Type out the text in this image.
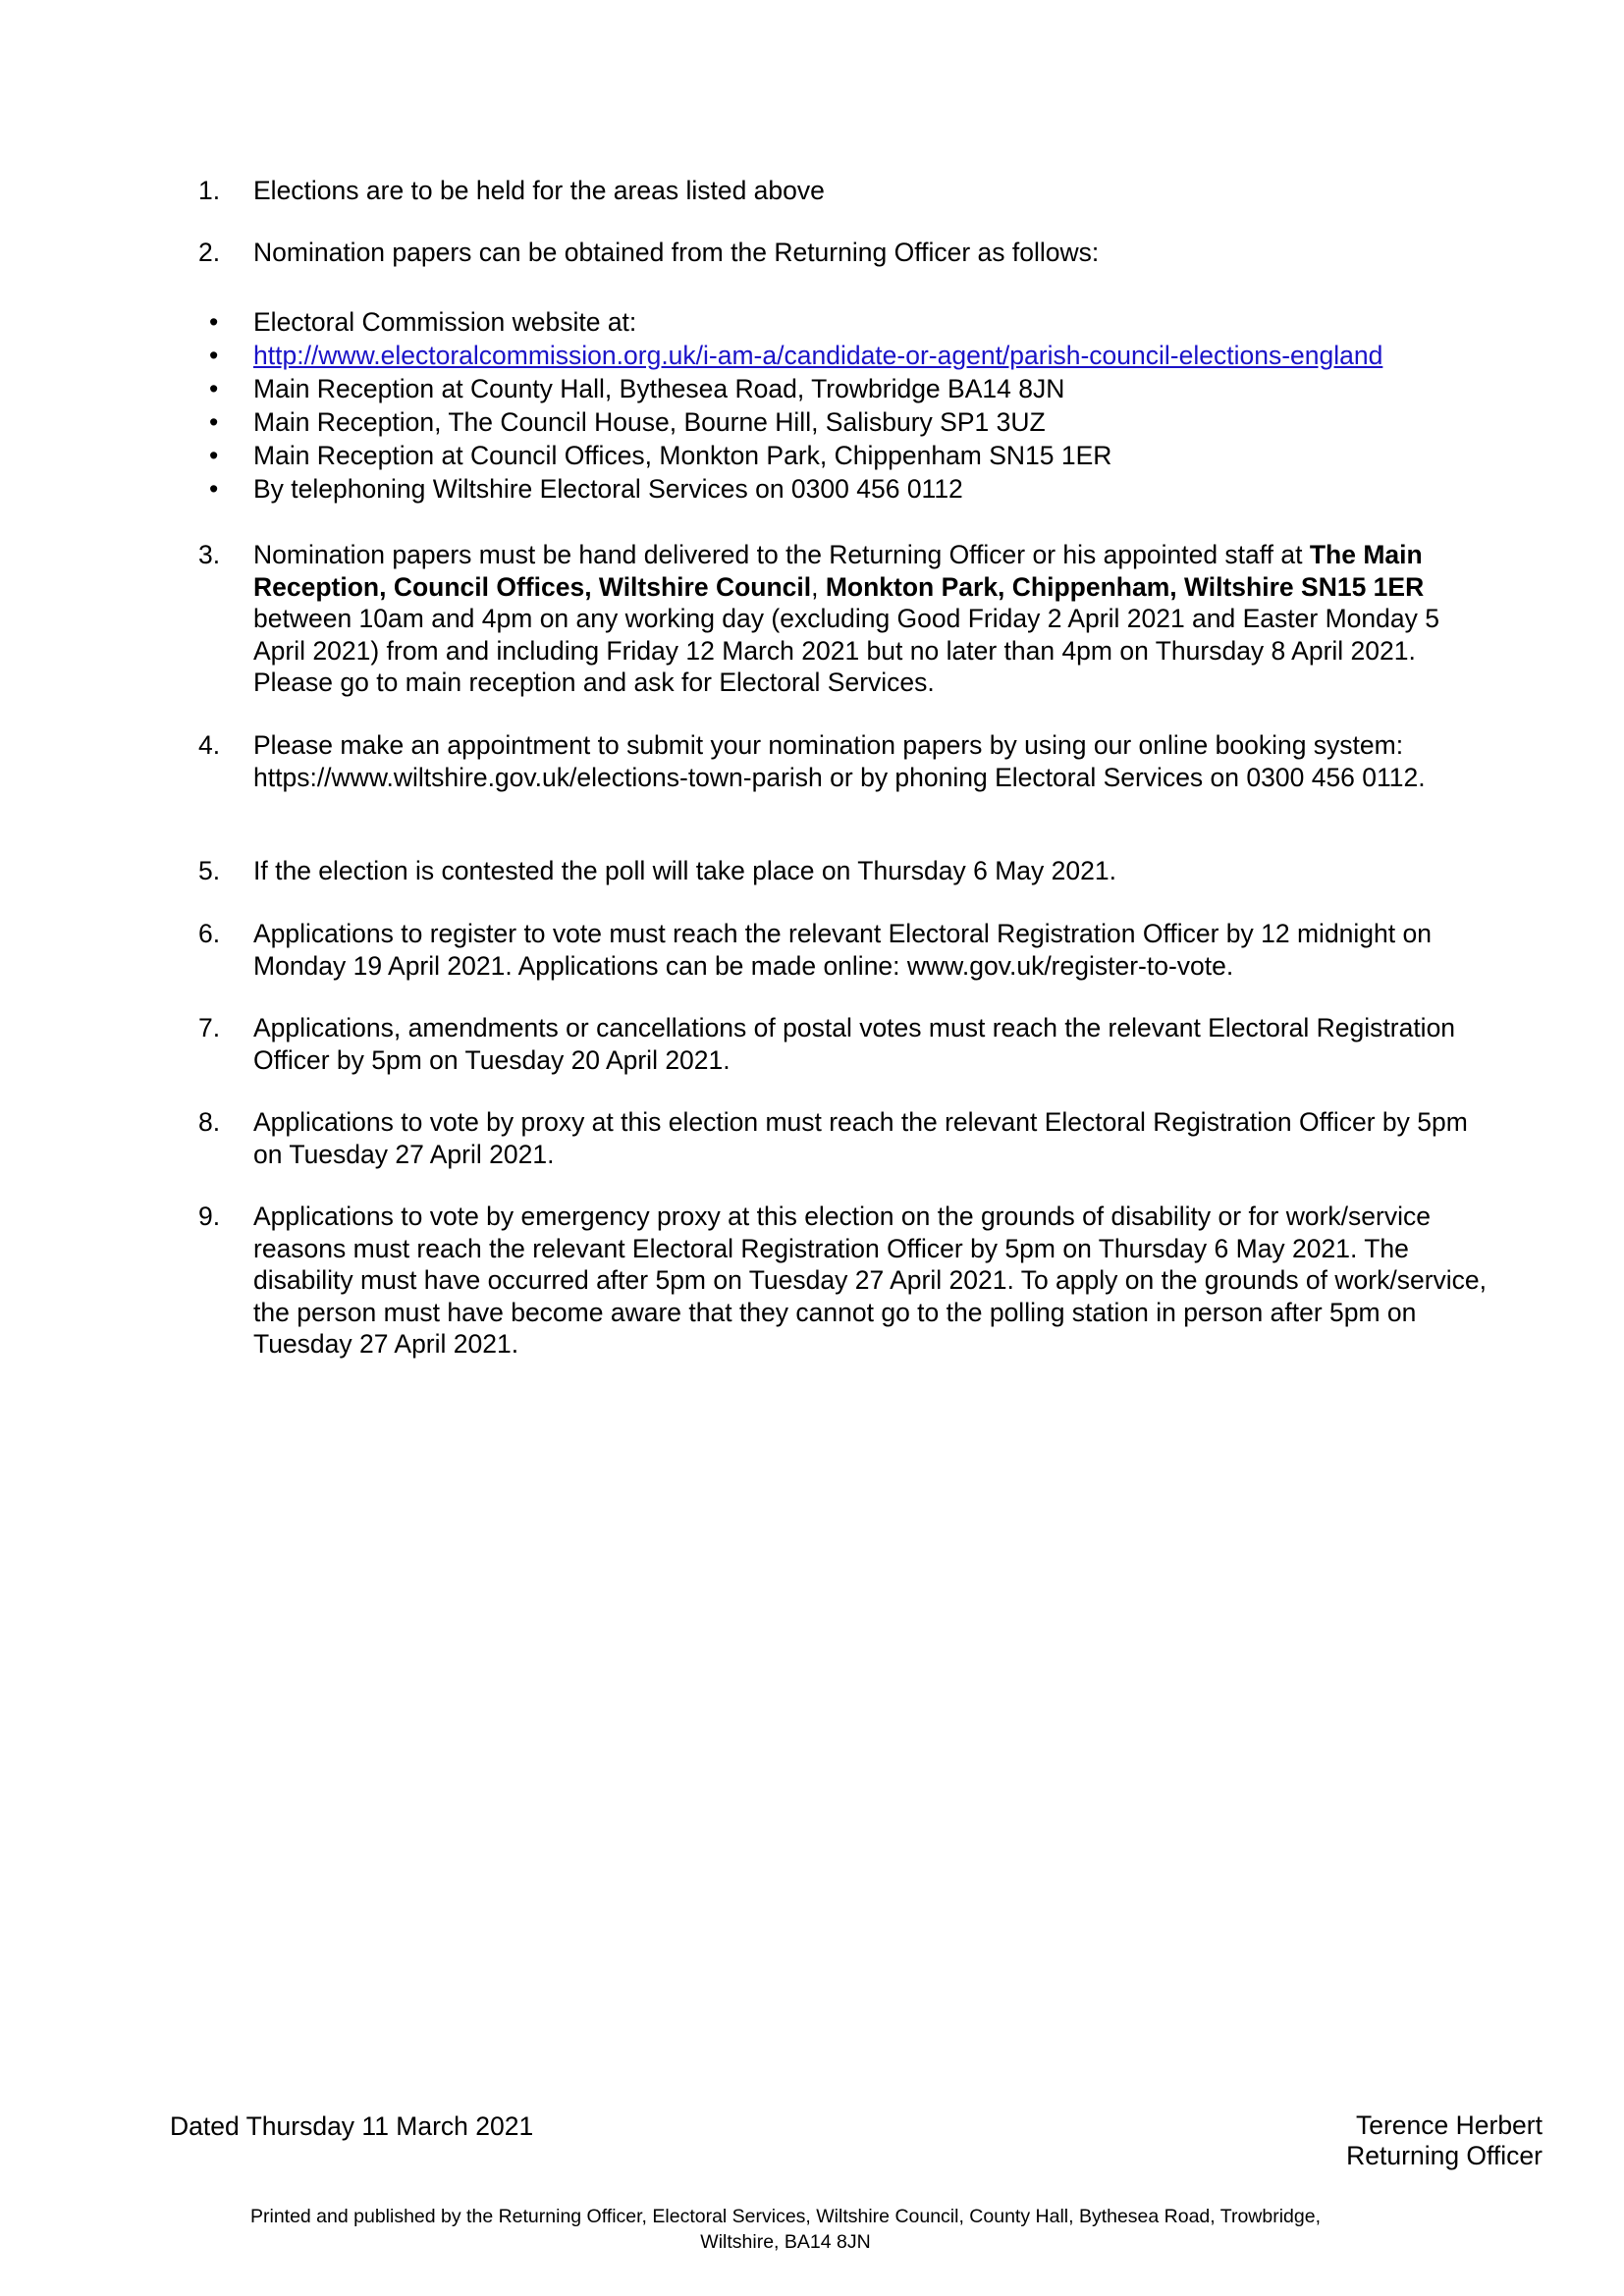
1. Elections are to be held for the areas listed above
2. Nomination papers can be obtained from the Returning Officer as follows:
• Electoral Commission website at:
• http://www.electoralcommission.org.uk/i-am-a/candidate-or-agent/parish-council-elections-england
• Main Reception at County Hall, Bythesea Road, Trowbridge BA14 8JN
• Main Reception, The Council House, Bourne Hill, Salisbury SP1 3UZ
• Main Reception at Council Offices, Monkton Park, Chippenham SN15 1ER
• By telephoning Wiltshire Electoral Services on 0300 456 0112
3. Nomination papers must be hand delivered to the Returning Officer or his appointed staff at The Main Reception, Council Offices, Wiltshire Council, Monkton Park, Chippenham, Wiltshire SN15 1ER between 10am and 4pm on any working day (excluding Good Friday 2 April 2021 and Easter Monday 5 April 2021) from and including Friday 12 March 2021 but no later than 4pm on Thursday 8 April 2021. Please go to main reception and ask for Electoral Services.
4. Please make an appointment to submit your nomination papers by using our online booking system: https://www.wiltshire.gov.uk/elections-town-parish or by phoning Electoral Services on 0300 456 0112.
5. If the election is contested the poll will take place on Thursday 6 May 2021.
6. Applications to register to vote must reach the relevant Electoral Registration Officer by 12 midnight on Monday 19 April 2021. Applications can be made online: www.gov.uk/register-to-vote.
7. Applications, amendments or cancellations of postal votes must reach the relevant Electoral Registration Officer by 5pm on Tuesday 20 April 2021.
8. Applications to vote by proxy at this election must reach the relevant Electoral Registration Officer by 5pm on Tuesday 27 April 2021.
9. Applications to vote by emergency proxy at this election on the grounds of disability or for work/service reasons must reach the relevant Electoral Registration Officer by 5pm on Thursday 6 May 2021. The disability must have occurred after 5pm on Tuesday 27 April 2021. To apply on the grounds of work/service, the person must have become aware that they cannot go to the polling station in person after 5pm on Tuesday 27 April 2021.
Dated Thursday 11 March 2021	Terence Herbert
Returning Officer
Printed and published by the Returning Officer, Electoral Services, Wiltshire Council, County Hall, Bythesea Road, Trowbridge,
Wiltshire, BA14 8JN
